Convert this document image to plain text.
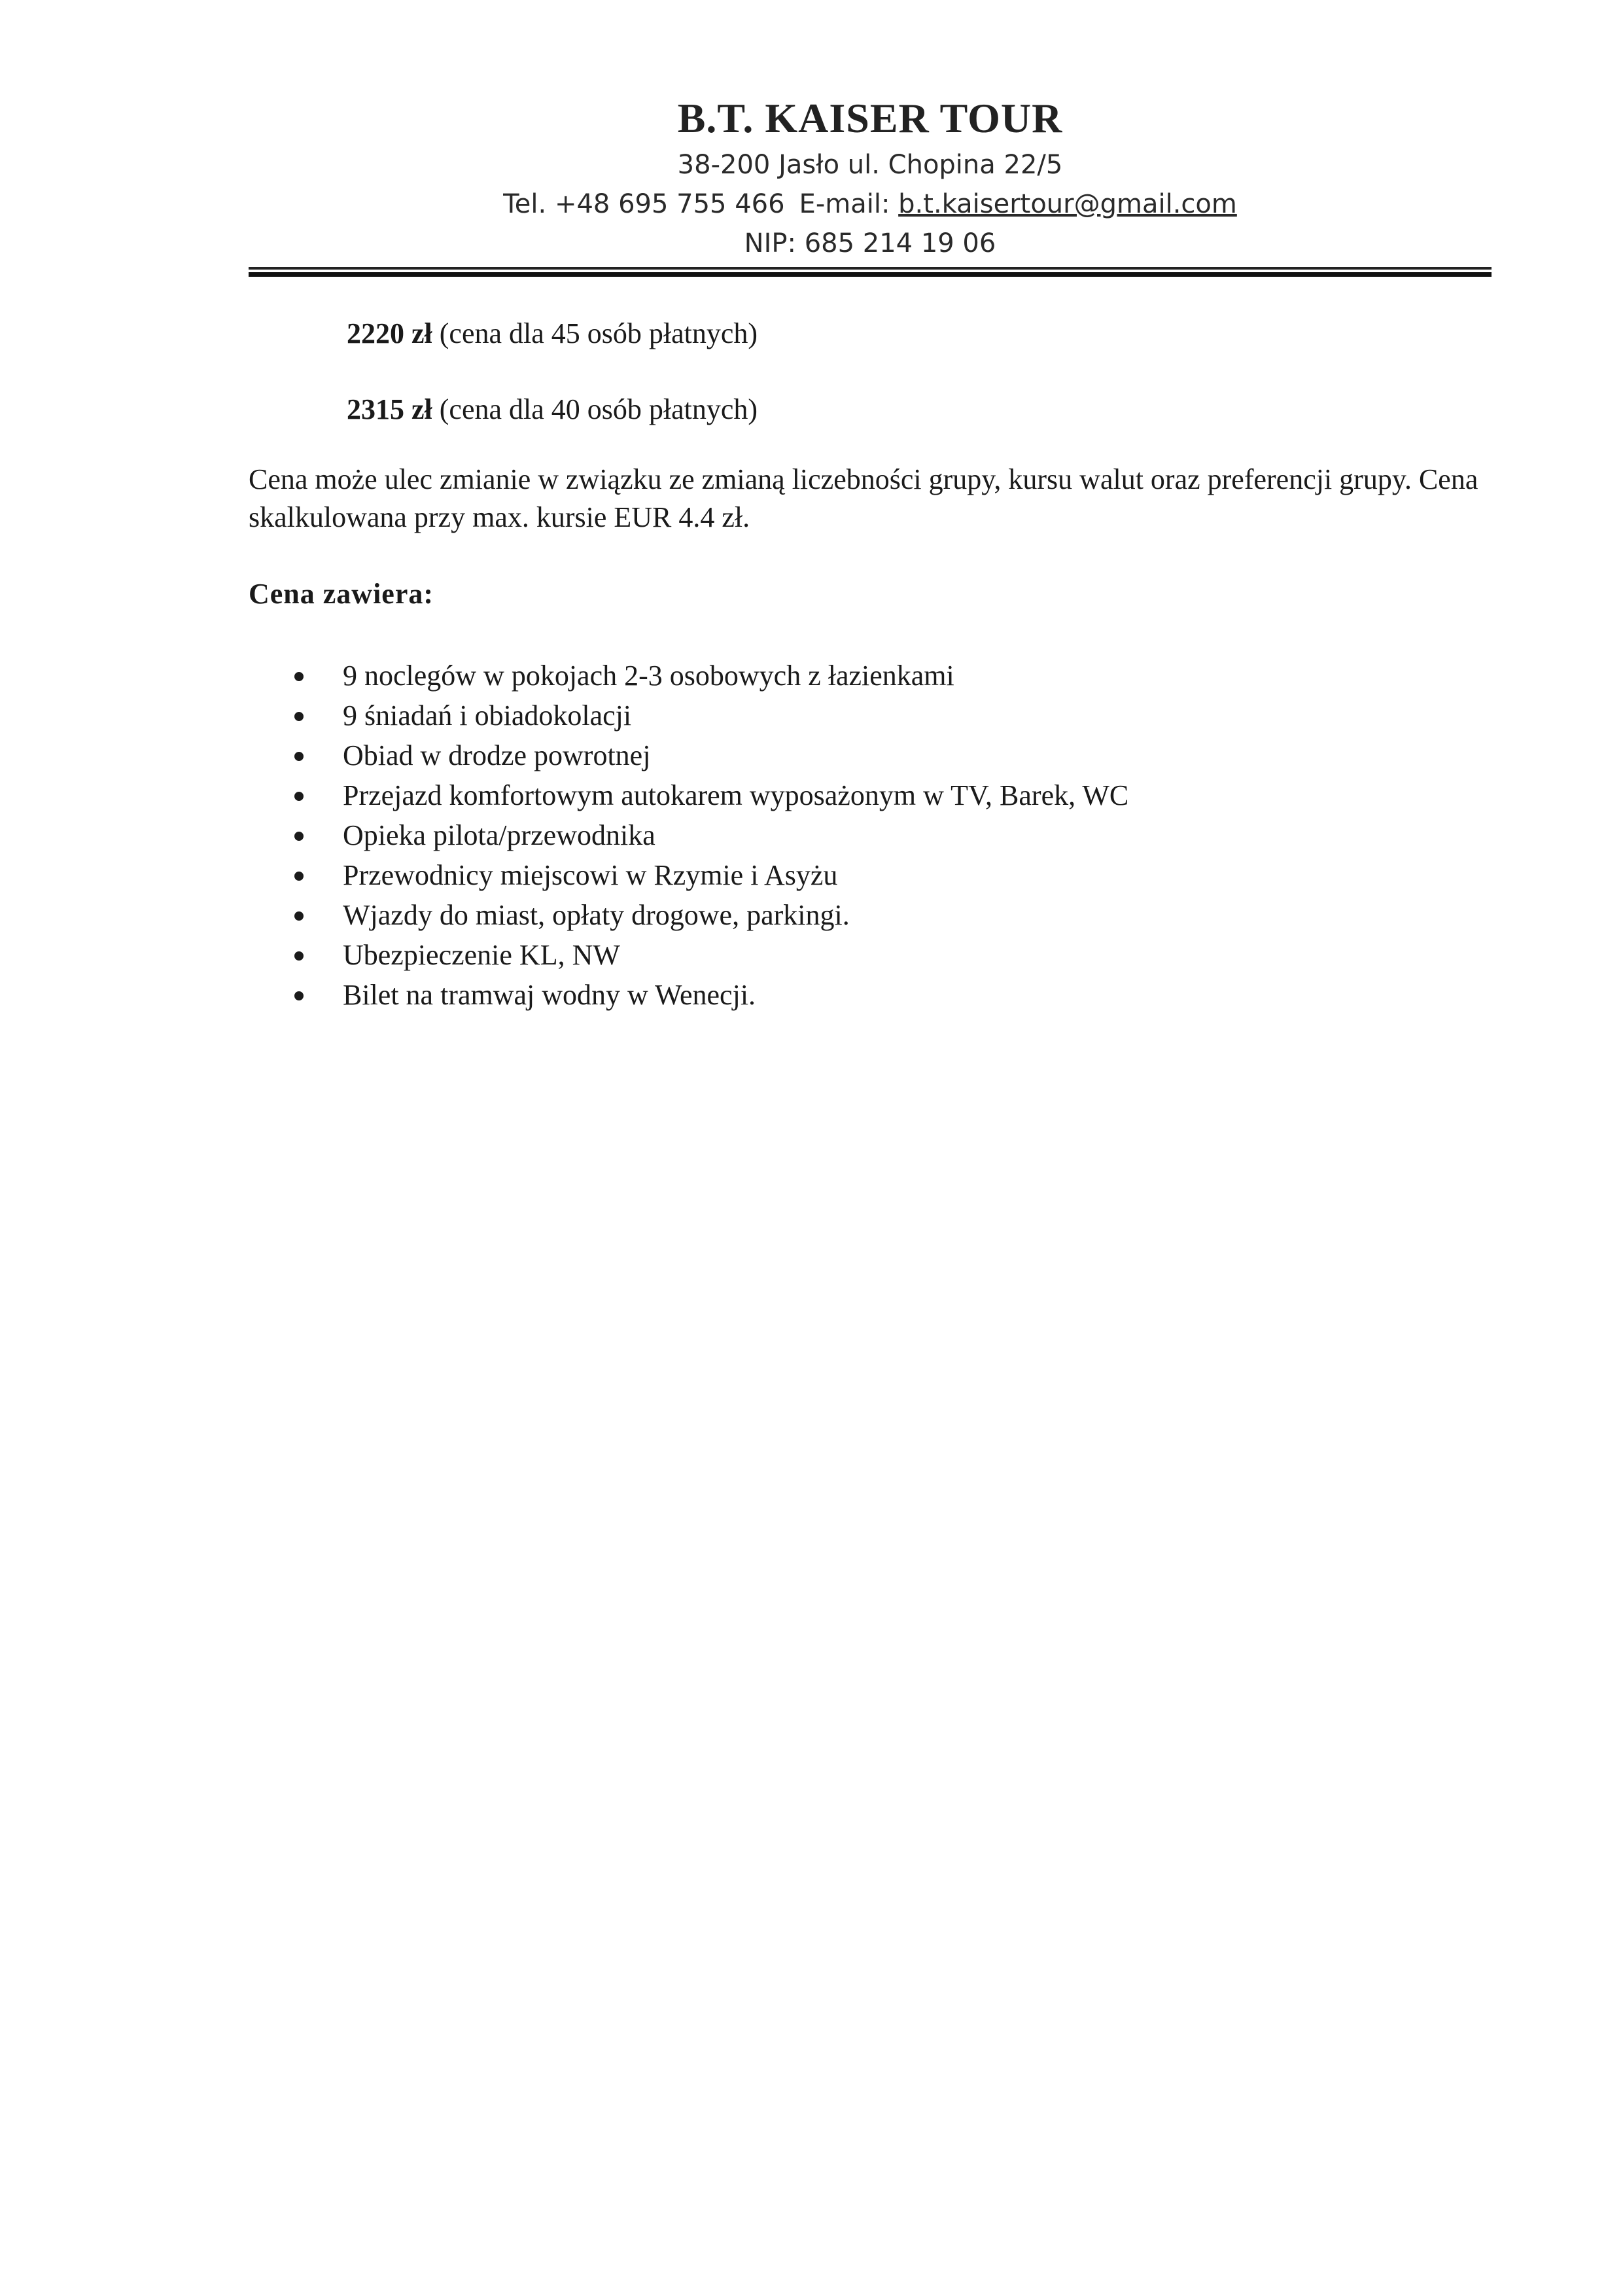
B.T. KAISER TOUR

38-200 Jasło ul. Chopina 22/5

Tel. +48 695 755 466 E-mail: b.t.kaisertour@gmail.com

NIP: 685 214 19 06

2220 zł (cena dla 45 osób płatnych)

2315 zł (cena dla 40 osób płatnych)

Cena może ulec zmianie w związku ze zmianą liczebności grupy, kursu walut oraz preferencji grupy. Cena skalkulowana przy max. kursie EUR 4.4 zł.

Cena zawiera:

9 noclegów w pokojach 2-3 osobowych z łazienkami
9 śniadań i obiadokolacji
Obiad w drodze powrotnej
Przejazd komfortowym autokarem wyposażonym w TV, Barek, WC
Opieka pilota/przewodnika
Przewodnicy miejscowi w Rzymie i Asyżu
Wjazdy do miast, opłaty drogowe, parkingi.
Ubezpieczenie KL, NW
Bilet na tramwaj wodny w Wenecji.
